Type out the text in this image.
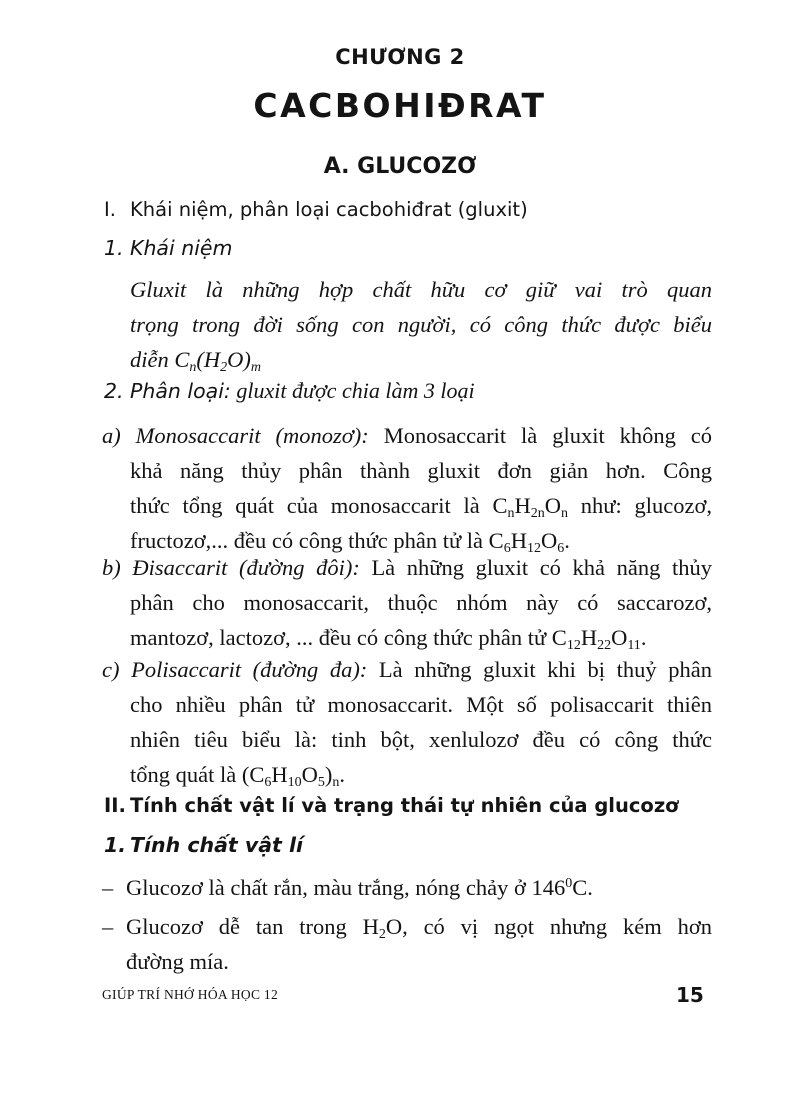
CHƯƠNG 2
CACBOHIĐRAT
A. GLUCOZƠ
I. Khái niệm, phân loại cacbohiđrat (gluxit)
1. Khái niệm
Gluxit là những hợp chất hữu cơ giữ vai trò quan
trọng trong đời sống con người, có công thức được biểu
diễn $C_n(H_2O)_m$
2. Phân loại: gluxit được chia làm 3 loại
a) Monosaccarit (monozơ): Monosaccarit là gluxit không có
khả năng thủy phân thành gluxit đơn giản hơn. Công
thức tổng quát của monosaccarit là $C_nH_{2n}O_n$ như: glucozơ,
fructozơ,... đều có công thức phân tử là $C_6H_{12}O_6$.
b) Đisaccarit (đường đôi): Là những gluxit có khả năng thủy
phân cho monosaccarit, thuộc nhóm này có saccarozơ,
mantozơ, lactozơ, ... đều có công thức phân tử $C_{12}H_{22}O_{11}$.
c) Polisaccarit (đường đa): Là những gluxit khi bị thuỷ phân
cho nhiều phân tử monosaccarit. Một số polisaccarit thiên
nhiên tiêu biểu là: tinh bột, xenlulozơ đều có công thức
tổng quát là $(C_6H_{10}O_5)_n$.
II. Tính chất vật lí và trạng thái tự nhiên của glucozơ
1. Tính chất vật lí
– Glucozơ là chất rắn, màu trắng, nóng chảy ở $146^0C$.
– Glucozơ dễ tan trong $H_2O$, có vị ngọt nhưng kém hơn
đường mía.
GIÚP TRÍ NHỚ HÓA HỌC 12	15
